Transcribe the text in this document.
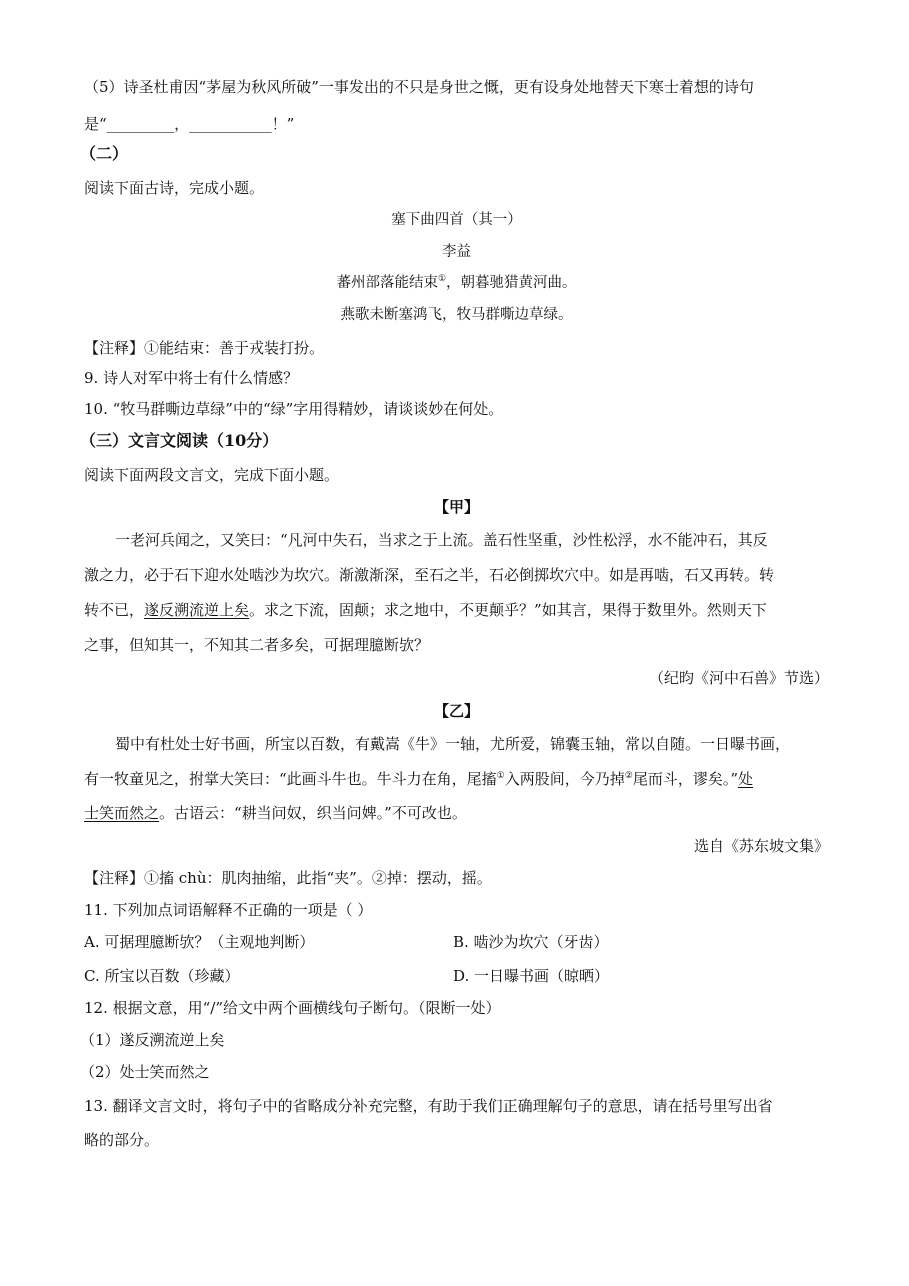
（5）诗圣杜甫因“茅屋为秋风所破”一事发出的不只是身世之慨，更有设身处地替天下寒士着想的诗句
是“_________，___________！”
（二）
阅读下面古诗，完成小题。
塞下曲四首（其一）
李益
蕃州部落能结束①，朝暮驰猎黄河曲。
燕歌未断塞鸿飞，牧马群嘶边草绿。
【注释】①能结束：善于戎装打扮。
9. 诗人对军中将士有什么情感？
10. “牧马群嘶边草绿”中的“绿”字用得精妙，请谈谈妙在何处。
（三）文言文阅读（10分）
阅读下面两段文言文，完成下面小题。
【甲】
一老河兵闻之，又笑曰：“凡河中失石，当求之于上流。盖石性坚重，沙性松浮，水不能冲石，其反
激之力，必于石下迎水处啮沙为坎穴。渐激渐深，至石之半，石必倒掷坎穴中。如是再啮，石又再转。转
转不已，遂反溯流逆上矣。求之下流，固颠；求之地中，不更颠乎？”如其言，果得于数里外。然则天下
之事，但知其一，不知其二者多矣，可据理臆断欤？
（纪昀《河中石兽》节选）
【乙】
蜀中有杜处士好书画，所宝以百数，有戴嵩《牛》一轴，尤所爱，锦囊玉轴，常以自随。一日曝书画，
有一牧童见之，拊掌大笑曰：“此画斗牛也。牛斗力在角，尾搐①入两股间，今乃掉②尾而斗，谬矣。”处
士笑而然之。古语云：“耕当问奴，织当问婢。”不可改也。
选自《苏东坡文集》
【注释】①搐 chù：肌肉抽缩，此指“夹”。②掉：摆动，摇。
11. 下列加点词语解释不正确的一项是（ ）
A. 可据理臆断欤？（主观地判断）	B. 啮沙为坎穴（牙齿）
C. 所宝以百数（珍藏）	D. 一日曝书画（晾晒）
12. 根据文意，用“/”给文中两个画横线句子断句。（限断一处）
（1）遂反溯流逆上矣
（2）处士笑而然之
13. 翻译文言文时，将句子中的省略成分补充完整，有助于我们正确理解句子的意思，请在括号里写出省
略的部分。
